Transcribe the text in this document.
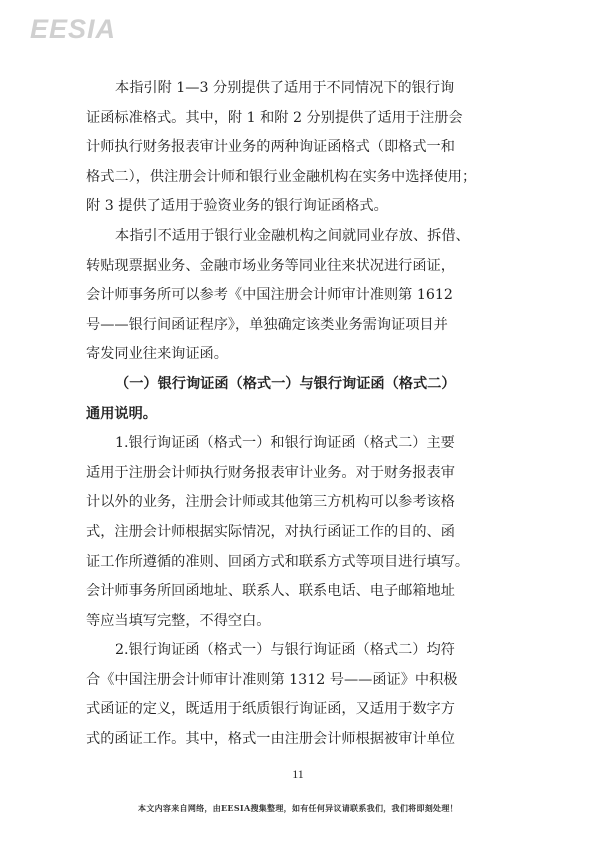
EESIA
本指引附 1—3 分别提供了适用于不同情况下的银行询
证函标准格式。其中，附 1 和附 2 分别提供了适用于注册会
计师执行财务报表审计业务的两种询证函格式（即格式一和
格式二），供注册会计师和银行业金融机构在实务中选择使用；
附 3 提供了适用于验资业务的银行询证函格式。
本指引不适用于银行业金融机构之间就同业存放、拆借、
转贴现票据业务、金融市场业务等同业往来状况进行函证，
会计师事务所可以参考《中国注册会计师审计准则第 1612
号——银行间函证程序》，单独确定该类业务需询证项目并
寄发同业往来询证函。
（一）银行询证函（格式一）与银行询证函（格式二）
通用说明。
1.银行询证函（格式一）和银行询证函（格式二）主要
适用于注册会计师执行财务报表审计业务。对于财务报表审
计以外的业务，注册会计师或其他第三方机构可以参考该格
式，注册会计师根据实际情况，对执行函证工作的目的、函
证工作所遵循的准则、回函方式和联系方式等项目进行填写。
会计师事务所回函地址、联系人、联系电话、电子邮箱地址
等应当填写完整，不得空白。
2.银行询证函（格式一）与银行询证函（格式二）均符
合《中国注册会计师审计准则第 1312 号——函证》中积极
式函证的定义，既适用于纸质银行询证函，又适用于数字方
式的函证工作。其中，格式一由注册会计师根据被审计单位
11
本文内容来自网络，由EESIA搜集整理，如有任何异议请联系我们，我们将即刻处理！
